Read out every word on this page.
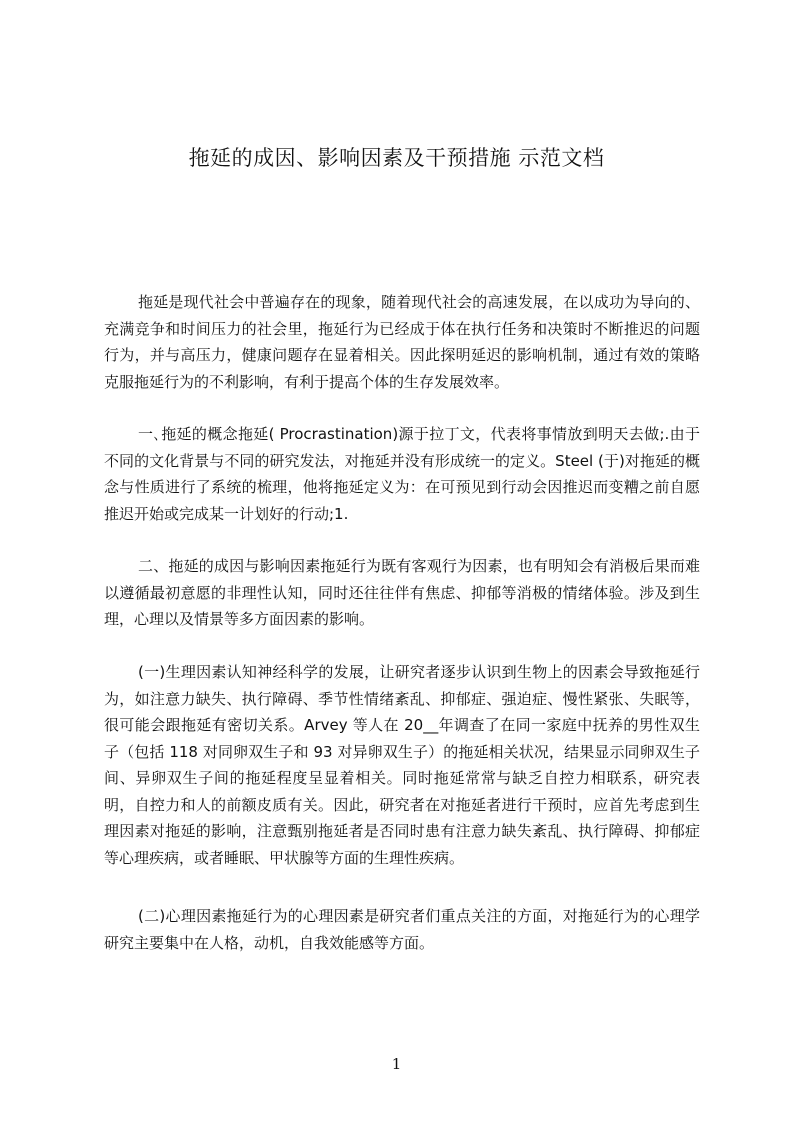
拖延的成因、影响因素及干预措施 示范文档

拖延是现代社会中普遍存在的现象，随着现代社会的高速发展，在以成功为导向的、充满竞争和时间压力的社会里，拖延行为已经成于体在执行任务和决策时不断推迟的问题行为，并与高压力，健康问题存在显着相关。因此探明延迟的影响机制，通过有效的策略克服拖延行为的不利影响，有利于提高个体的生存发展效率。

一､拖延的概念拖延( Procrastination)源于拉丁文，代表将事情放到明天去做;.由于不同的文化背景与不同的研究发法，对拖延并没有形成统一的定义。Steel (于)对拖延的概念与性质进行了系统的梳理，他将拖延定义为：在可预见到行动会因推迟而变糟之前自愿推迟开始或完成某一计划好的行动;1.

二、拖延的成因与影响因素拖延行为既有客观行为因素，也有明知会有消极后果而难以遵循最初意愿的非理性认知，同时还往往伴有焦虑、抑郁等消极的情绪体验。涉及到生理，心理以及情景等多方面因素的影响。

(一)生理因素认知神经科学的发展，让研究者逐步认识到生物上的因素会导致拖延行为，如注意力缺失、执行障碍、季节性情绪紊乱、抑郁症、强迫症、慢性紧张、失眠等，很可能会跟拖延有密切关系。Arvey 等人在 20__年调查了在同一家庭中抚养的男性双生子（包括 118 对同卵双生子和 93 对异卵双生子）的拖延相关状况，结果显示同卵双生子间、异卵双生子间的拖延程度呈显着相关。同时拖延常常与缺乏自控力相联系，研究表明，自控力和人的前额皮质有关。因此，研究者在对拖延者进行干预时，应首先考虑到生理因素对拖延的影响，注意甄别拖延者是否同时患有注意力缺失紊乱、执行障碍、抑郁症等心理疾病，或者睡眠、甲状腺等方面的生理性疾病。

(二)心理因素拖延行为的心理因素是研究者们重点关注的方面，对拖延行为的心理学研究主要集中在人格，动机，自我效能感等方面。

1
